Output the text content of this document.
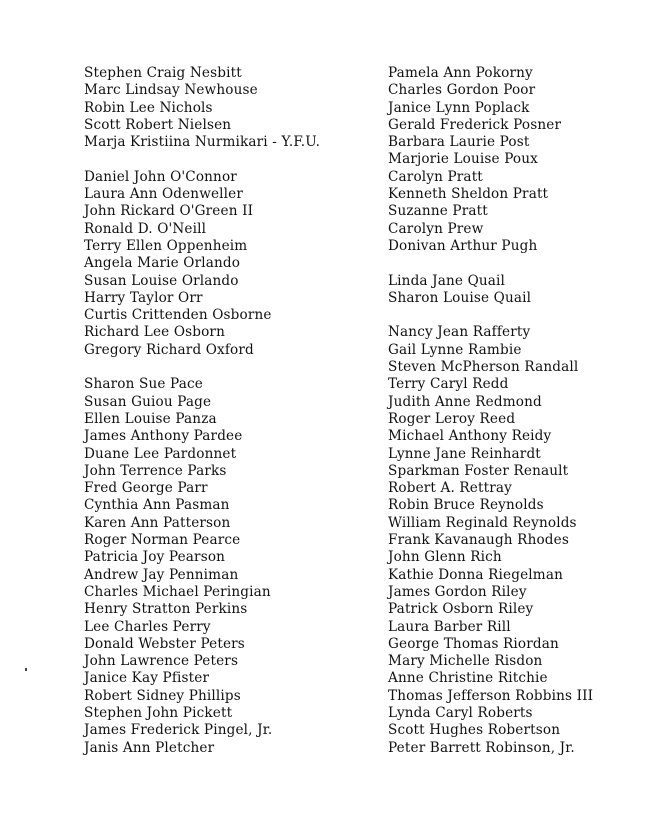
Stephen Craig Nesbitt
Marc Lindsay Newhouse
Robin Lee Nichols
Scott Robert Nielsen
Marja Kristiina Nurmikari - Y.F.U.
Daniel John O'Connor
Laura Ann Odenweller
John Rickard O'Green II
Ronald D. O'Neill
Terry Ellen Oppenheim
Angela Marie Orlando
Susan Louise Orlando
Harry Taylor Orr
Curtis Crittenden Osborne
Richard Lee Osborn
Gregory Richard Oxford
Sharon Sue Pace
Susan Guiou Page
Ellen Louise Panza
James Anthony Pardee
Duane Lee Pardonnet
John Terrence Parks
Fred George Parr
Cynthia Ann Pasman
Karen Ann Patterson
Roger Norman Pearce
Patricia Joy Pearson
Andrew Jay Penniman
Charles Michael Peringian
Henry Stratton Perkins
Lee Charles Perry
Donald Webster Peters
John Lawrence Peters
Janice Kay Pfister
Robert Sidney Phillips
Stephen John Pickett
James Frederick Pingel, Jr.
Janis Ann Pletcher
Pamela Ann Pokorny
Charles Gordon Poor
Janice Lynn Poplack
Gerald Frederick Posner
Barbara Laurie Post
Marjorie Louise Poux
Carolyn Pratt
Kenneth Sheldon Pratt
Suzanne Pratt
Carolyn Prew
Donivan Arthur Pugh
Linda Jane Quail
Sharon Louise Quail
Nancy Jean Rafferty
Gail Lynne Rambie
Steven McPherson Randall
Terry Caryl Redd
Judith Anne Redmond
Roger Leroy Reed
Michael Anthony Reidy
Lynne Jane Reinhardt
Sparkman Foster Renault
Robert A. Rettray
Robin Bruce Reynolds
William Reginald Reynolds
Frank Kavanaugh Rhodes
John Glenn Rich
Kathie Donna Riegelman
James Gordon Riley
Patrick Osborn Riley
Laura Barber Rill
George Thomas Riordan
Mary Michelle Risdon
Anne Christine Ritchie
Thomas Jefferson Robbins III
Lynda Caryl Roberts
Scott Hughes Robertson
Peter Barrett Robinson, Jr.
